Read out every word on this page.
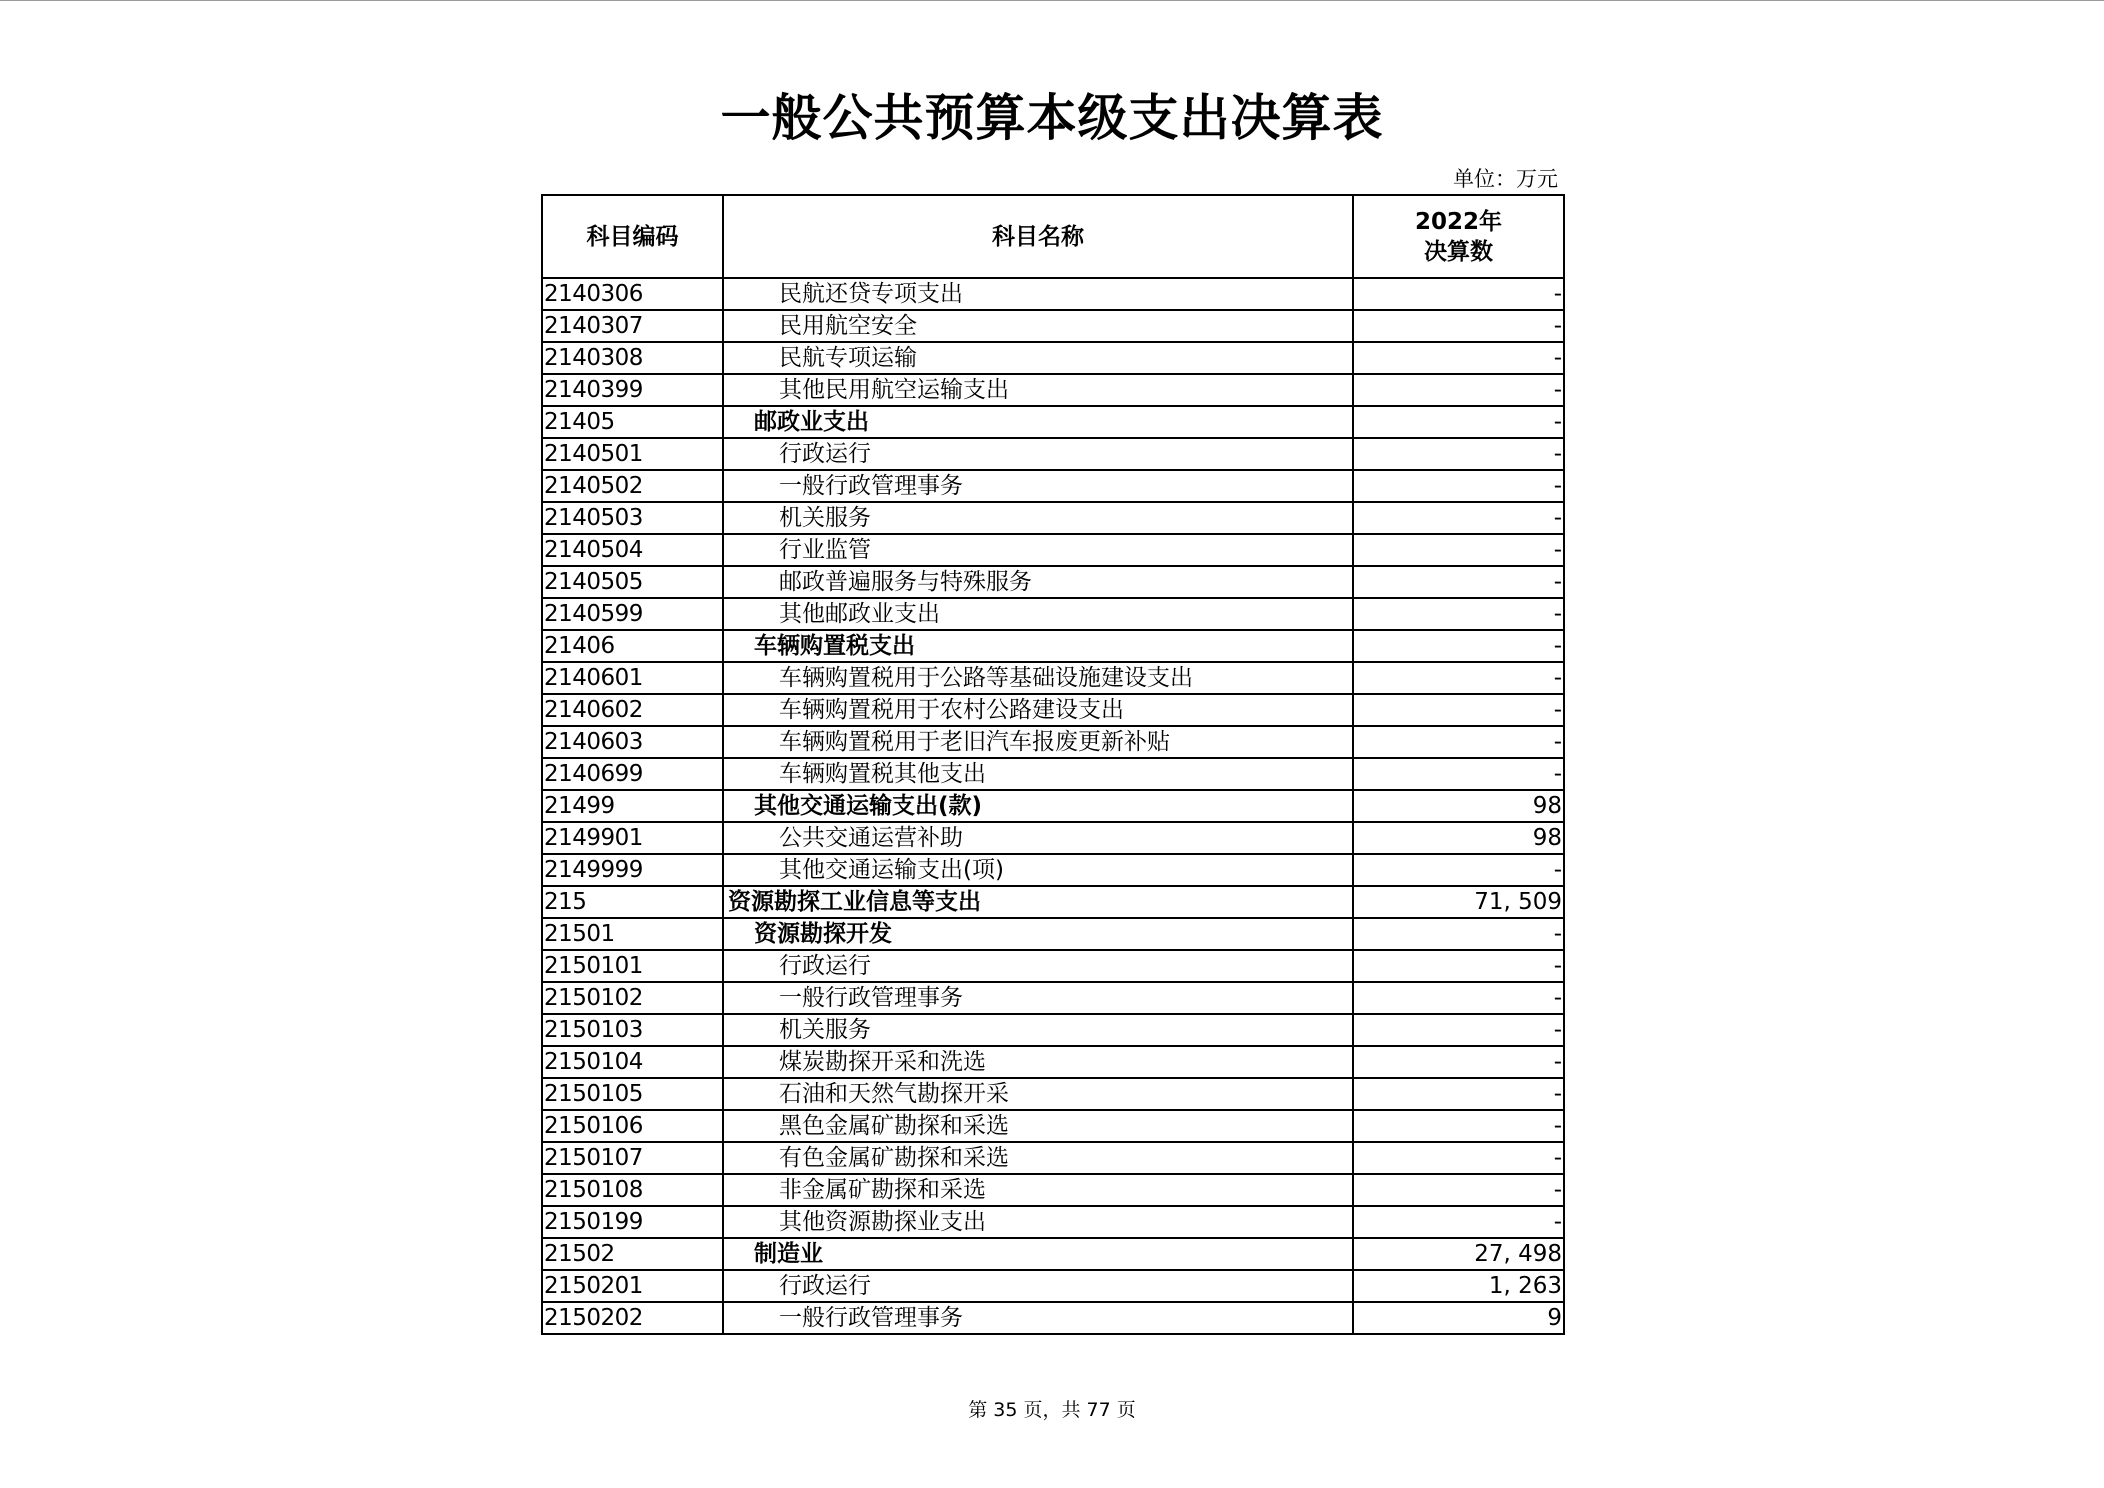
一般公共预算本级支出决算表
单位：万元
科目编码	科目名称	2022年
决算数

2140306	民航还贷专项支出	-
2140307	民用航空安全	-
2140308	民航专项运输	-
2140399	其他民用航空运输支出	-
21405	邮政业支出	-
2140501	行政运行	-
2140502	一般行政管理事务	-
2140503	机关服务	-
2140504	行业监管	-
2140505	邮政普遍服务与特殊服务	-
2140599	其他邮政业支出	-
21406	车辆购置税支出	-
2140601	车辆购置税用于公路等基础设施建设支出	-
2140602	车辆购置税用于农村公路建设支出	-
2140603	车辆购置税用于老旧汽车报废更新补贴	-
2140699	车辆购置税其他支出	-
21499	其他交通运输支出(款)	98
2149901	公共交通运营补助	98
2149999	其他交通运输支出(项)	-
215	资源勘探工业信息等支出	71, 509
21501	资源勘探开发	-
2150101	行政运行	-
2150102	一般行政管理事务	-
2150103	机关服务	-
2150104	煤炭勘探开采和洗选	-
2150105	石油和天然气勘探开采	-
2150106	黑色金属矿勘探和采选	-
2150107	有色金属矿勘探和采选	-
2150108	非金属矿勘探和采选	-
2150199	其他资源勘探业支出	-
21502	制造业	27, 498
2150201	行政运行	1, 263
2150202	一般行政管理事务	9
第 35 页，共 77 页
